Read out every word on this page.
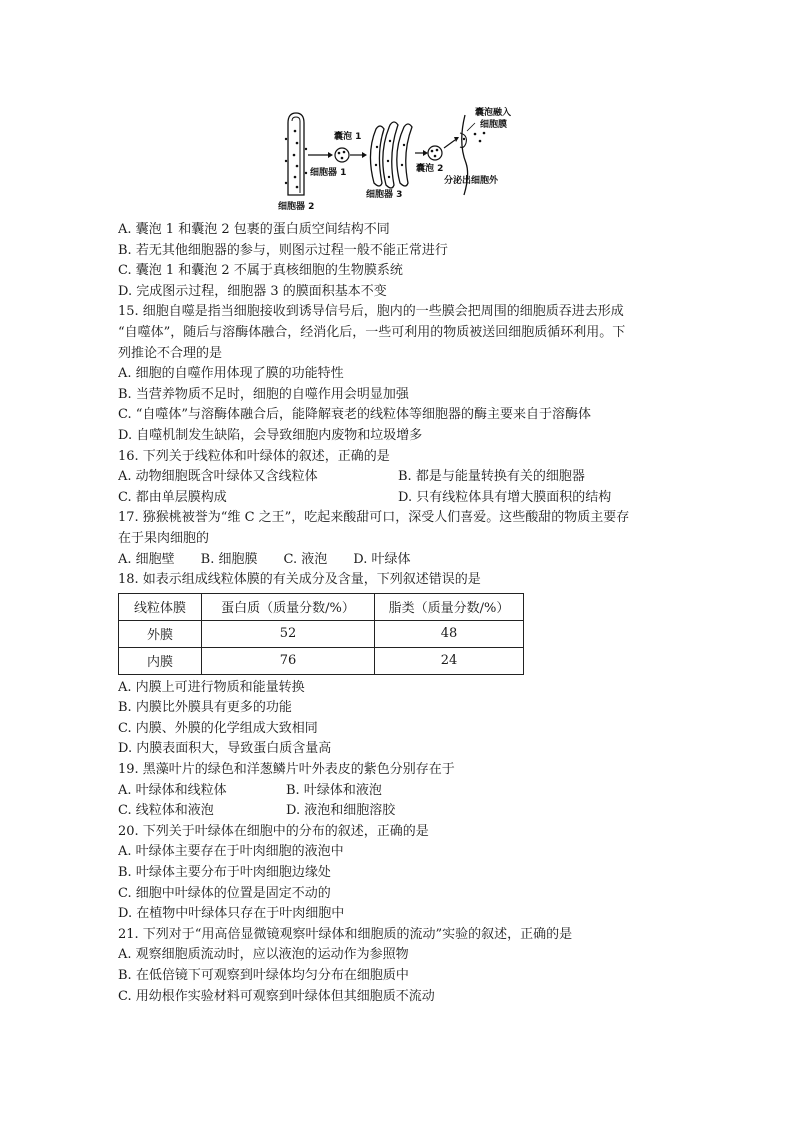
囊泡 1
细胞器 1
细胞器 2
细胞器 3
囊泡 2
囊泡融入
细胞膜
分泌出细胞外
A. 囊泡 1 和囊泡 2 包裹的蛋白质空间结构不同
B. 若无其他细胞器的参与，则图示过程一般不能正常进行
C. 囊泡 1 和囊泡 2 不属于真核细胞的生物膜系统
D. 完成图示过程，细胞器 3 的膜面积基本不变
15. 细胞自噬是指当细胞接收到诱导信号后，胞内的一些膜会把周围的细胞质吞进去形成
“自噬体”，随后与溶酶体融合，经消化后，一些可利用的物质被送回细胞质循环利用。下
列推论不合理的是
A. 细胞的自噬作用体现了膜的功能特性
B. 当营养物质不足时，细胞的自噬作用会明显加强
C. “自噬体”与溶酶体融合后，能降解衰老的线粒体等细胞器的酶主要来自于溶酶体
D. 自噬机制发生缺陷，会导致细胞内废物和垃圾增多
16. 下列关于线粒体和叶绿体的叙述，正确的是
A. 动物细胞既含叶绿体又含线粒体	B. 都是与能量转换有关的细胞器
C. 都由单层膜构成	D. 只有线粒体具有增大膜面积的结构
17. 猕猴桃被誉为“维 C 之王”，吃起来酸甜可口，深受人们喜爱。这些酸甜的物质主要存
在于果肉细胞的
A. 细胞壁 B. 细胞膜 C. 液泡 D. 叶绿体
18. 如表示组成线粒体膜的有关成分及含量，下列叙述错误的是
线粒体膜	蛋白质（质量分数/%）	脂类（质量分数/%）
外膜	52	48
内膜	76	24
A. 内膜上可进行物质和能量转换
B. 内膜比外膜具有更多的功能
C. 内膜、外膜的化学组成大致相同
D. 内膜表面积大，导致蛋白质含量高
19. 黑藻叶片的绿色和洋葱鳞片叶外表皮的紫色分别存在于
A. 叶绿体和线粒体	B. 叶绿体和液泡
C. 线粒体和液泡	D. 液泡和细胞溶胶
20. 下列关于叶绿体在细胞中的分布的叙述，正确的是
A. 叶绿体主要存在于叶肉细胞的液泡中
B. 叶绿体主要分布于叶肉细胞边缘处
C. 细胞中叶绿体的位置是固定不动的
D. 在植物中叶绿体只存在于叶肉细胞中
21. 下列对于“用高倍显微镜观察叶绿体和细胞质的流动”实验的叙述，正确的是
A. 观察细胞质流动时，应以液泡的运动作为参照物
B. 在低倍镜下可观察到叶绿体均匀分布在细胞质中
C. 用幼根作实验材料可观察到叶绿体但其细胞质不流动
